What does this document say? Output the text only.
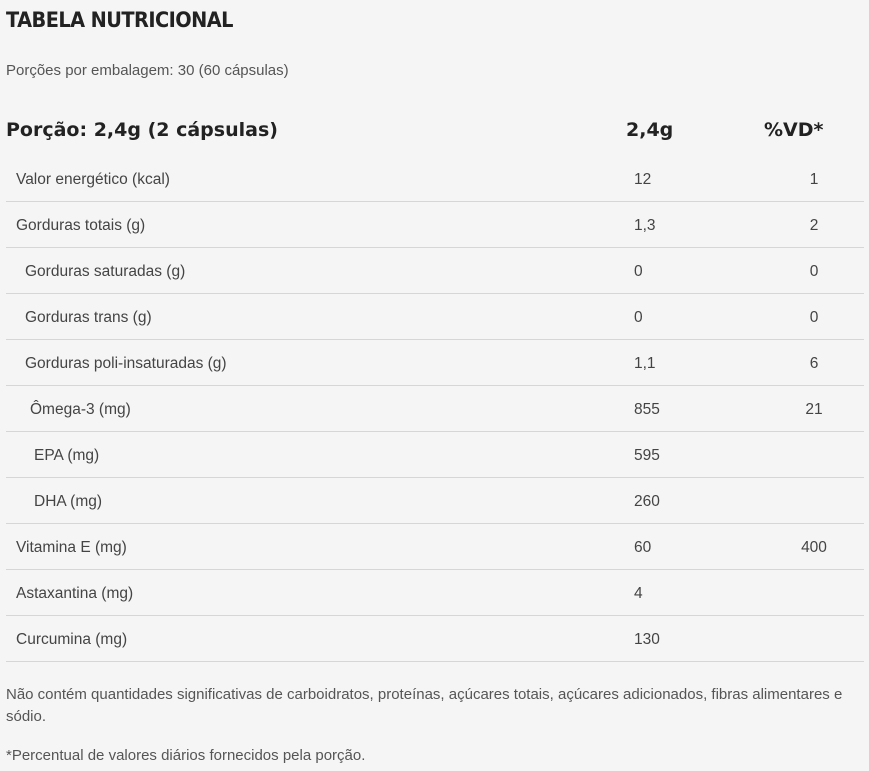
TABELA NUTRICIONAL
Porções por embalagem: 30 (60 cápsulas)
Porção: 2,4g (2 cápsulas)	2,4g	%VD*
Valor energético (kcal)	12	1
Gorduras totais (g)	1,3	2
Gorduras saturadas (g)	0	0
Gorduras trans (g)	0	0
Gorduras poli-insaturadas (g)	1,1	6
Ômega-3 (mg)	855	21
EPA (mg)	595
DHA (mg)	260
Vitamina E (mg)	60	400
Astaxantina (mg)	4
Curcumina (mg)	130
Não contém quantidades significativas de carboidratos, proteínas, açúcares totais, açúcares adicionados, fibras alimentares e sódio.
*Percentual de valores diários fornecidos pela porção.
